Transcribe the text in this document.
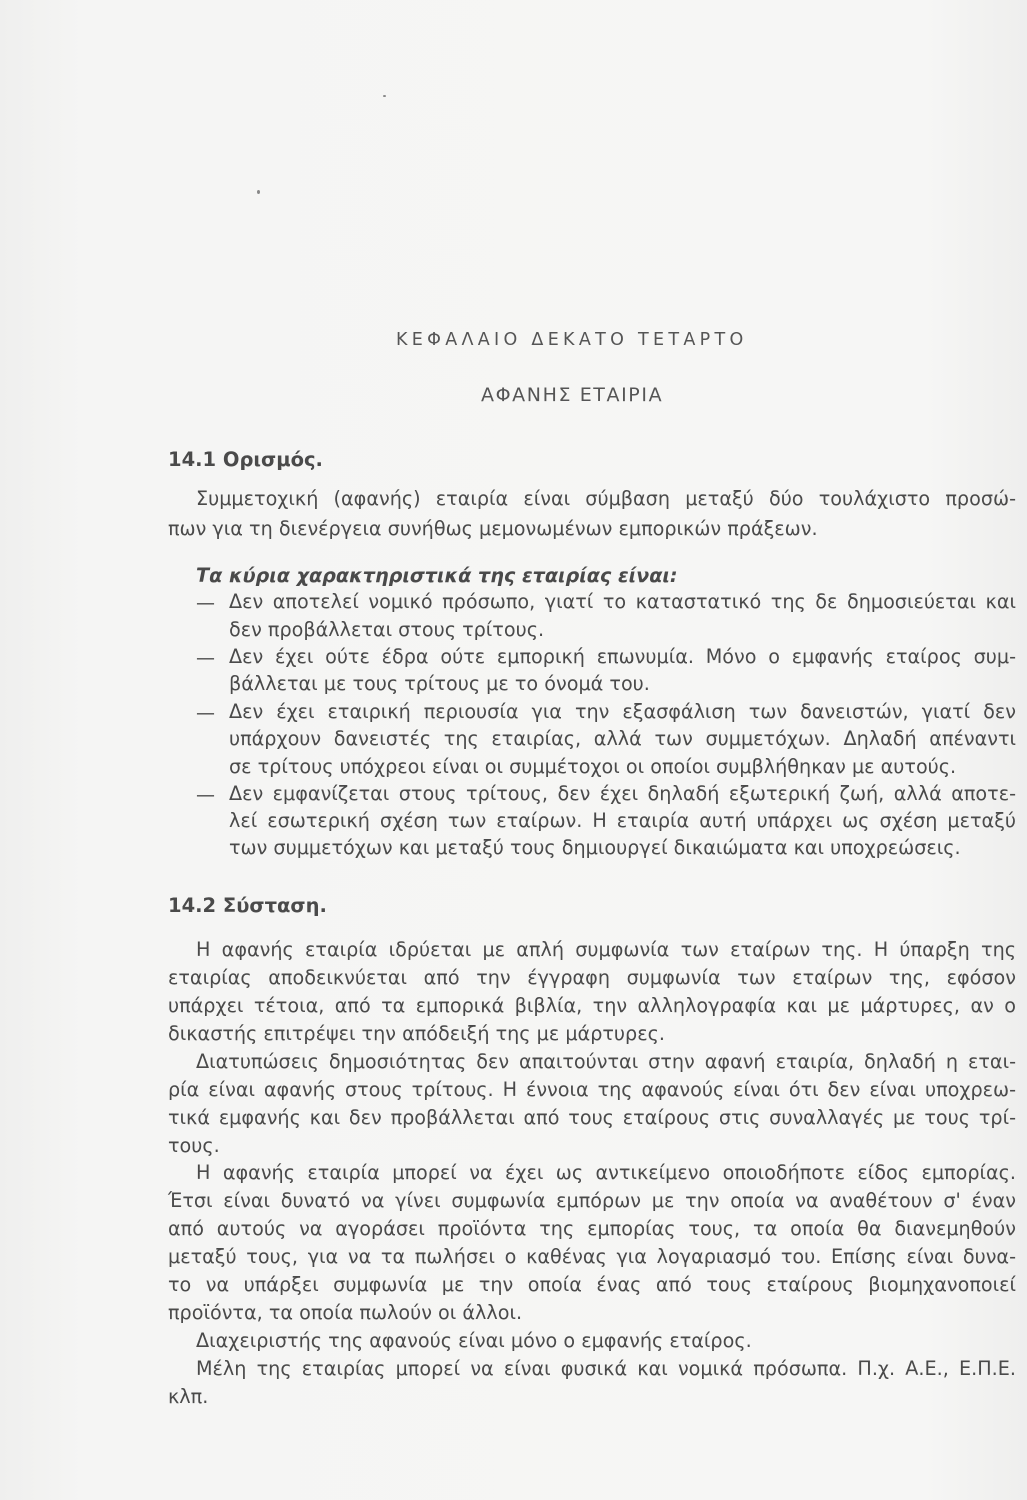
ΚΕΦΑΛΑΙΟ ΔΕΚΑΤΟ ΤΕΤΑΡΤΟ
ΑΦΑΝΗΣ ΕΤΑΙΡΙΑ
14.1 Ορισμός.
Συμμετοχική (αφανής) εταιρία είναι σύμβαση μεταξύ δύο τουλάχιστο προσώ-
πων για τη διενέργεια συνήθως μεμονωμένων εμπορικών πράξεων.
Τα κύρια χαρακτηριστικά της εταιρίας είναι:
— Δεν αποτελεί νομικό πρόσωπο, γιατί το καταστατικό της δε δημοσιεύεται και
δεν προβάλλεται στους τρίτους.
— Δεν έχει ούτε έδρα ούτε εμπορική επωνυμία. Μόνο ο εμφανής εταίρος συμ-
βάλλεται με τους τρίτους με το όνομά του.
— Δεν έχει εταιρική περιουσία για την εξασφάλιση των δανειστών, γιατί δεν
υπάρχουν δανειστές της εταιρίας, αλλά των συμμετόχων. Δηλαδή απέναντι
σε τρίτους υπόχρεοι είναι οι συμμέτοχοι οι οποίοι συμβλήθηκαν με αυτούς.
— Δεν εμφανίζεται στους τρίτους, δεν έχει δηλαδή εξωτερική ζωή, αλλά αποτε-
λεί εσωτερική σχέση των εταίρων. Η εταιρία αυτή υπάρχει ως σχέση μεταξύ
των συμμετόχων και μεταξύ τους δημιουργεί δικαιώματα και υποχρεώσεις.
14.2 Σύσταση.
Η αφανής εταιρία ιδρύεται με απλή συμφωνία των εταίρων της. Η ύπαρξη της
εταιρίας αποδεικνύεται από την έγγραφη συμφωνία των εταίρων της, εφόσον
υπάρχει τέτοια, από τα εμπορικά βιβλία, την αλληλογραφία και με μάρτυρες, αν ο
δικαστής επιτρέψει την απόδειξή της με μάρτυρες.
Διατυπώσεις δημοσιότητας δεν απαιτούνται στην αφανή εταιρία, δηλαδή η εται-
ρία είναι αφανής στους τρίτους. Η έννοια της αφανούς είναι ότι δεν είναι υποχρεω-
τικά εμφανής και δεν προβάλλεται από τους εταίρους στις συναλλαγές με τους τρί-
τους.
Η αφανής εταιρία μπορεί να έχει ως αντικείμενο οποιοδήποτε είδος εμπορίας.
Έτσι είναι δυνατό να γίνει συμφωνία εμπόρων με την οποία να αναθέτουν σ' έναν
από αυτούς να αγοράσει προϊόντα της εμπορίας τους, τα οποία θα διανεμηθούν
μεταξύ τους, για να τα πωλήσει ο καθένας για λογαριασμό του. Επίσης είναι δυνα-
το να υπάρξει συμφωνία με την οποία ένας από τους εταίρους βιομηχανοποιεί
προϊόντα, τα οποία πωλούν οι άλλοι.
Διαχειριστής της αφανούς είναι μόνο ο εμφανής εταίρος.
Μέλη της εταιρίας μπορεί να είναι φυσικά και νομικά πρόσωπα. Π.χ. Α.Ε., Ε.Π.Ε.
κλπ.
